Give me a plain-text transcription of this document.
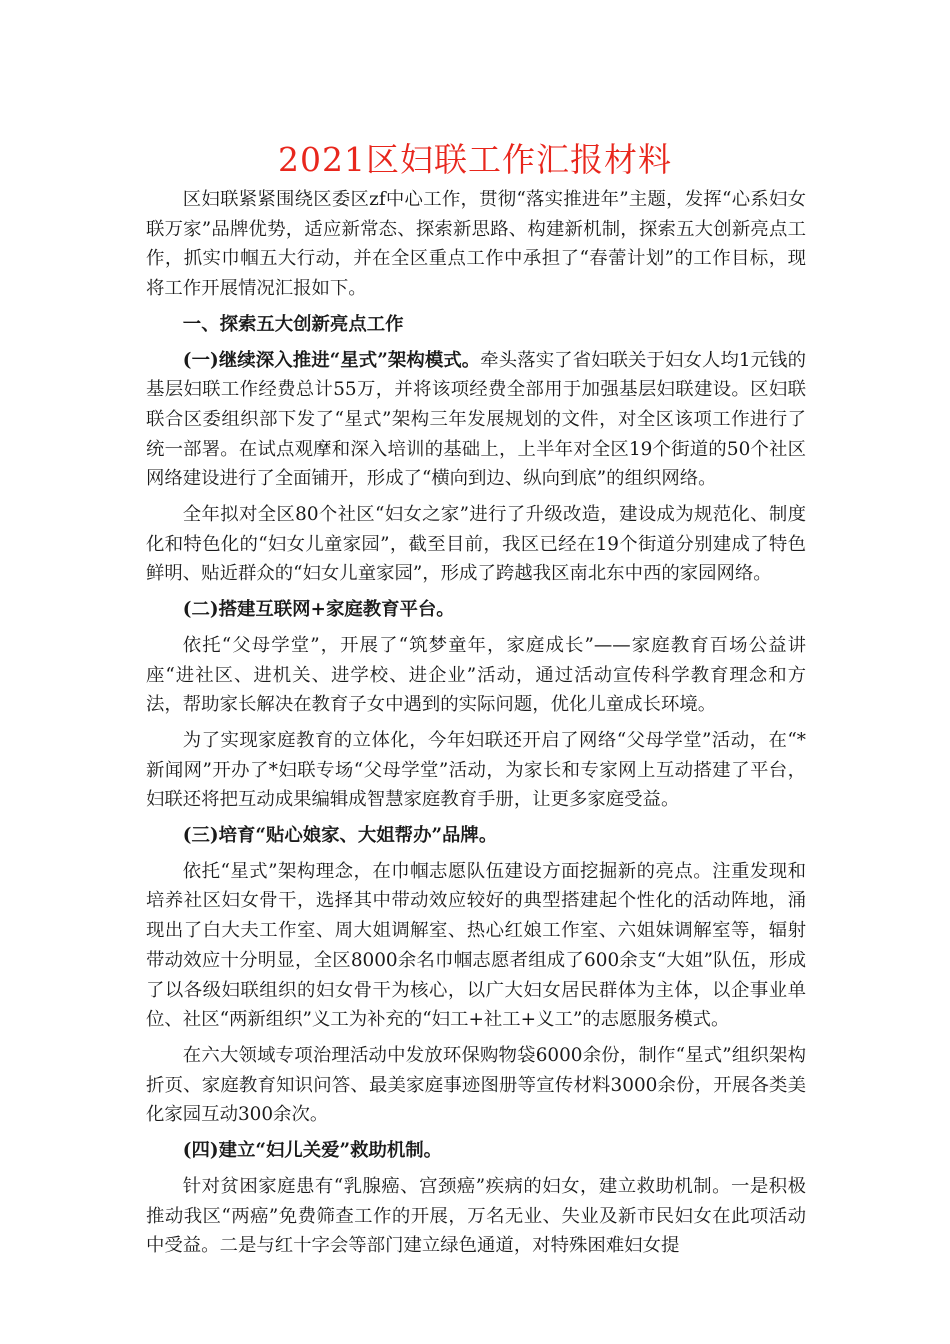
2021区妇联工作汇报材料

区妇联紧紧围绕区委区zf中心工作，贯彻“落实推进年”主题，发挥“心系妇女联万家”品牌优势，适应新常态、探索新思路、构建新机制，探索五大创新亮点工作，抓实巾帼五大行动，并在全区重点工作中承担了“春蕾计划”的工作目标，现将工作开展情况汇报如下。

一、探索五大创新亮点工作

(一)继续深入推进“星式”架构模式。牵头落实了省妇联关于妇女人均1元钱的基层妇联工作经费总计55万，并将该项经费全部用于加强基层妇联建设。区妇联联合区委组织部下发了“星式”架构三年发展规划的文件，对全区该项工作进行了统一部署。在试点观摩和深入培训的基础上，上半年对全区19个街道的50个社区网络建设进行了全面铺开，形成了“横向到边、纵向到底”的组织网络。

全年拟对全区80个社区“妇女之家”进行了升级改造，建设成为规范化、制度化和特色化的“妇女儿童家园”，截至目前，我区已经在19个街道分别建成了特色鲜明、贴近群众的“妇女儿童家园”，形成了跨越我区南北东中西的家园网络。

(二)搭建互联网+家庭教育平台。

依托“父母学堂”，开展了“筑梦童年，家庭成长”——家庭教育百场公益讲座“进社区、进机关、进学校、进企业”活动，通过活动宣传科学教育理念和方法，帮助家长解决在教育子女中遇到的实际问题，优化儿童成长环境。

为了实现家庭教育的立体化，今年妇联还开启了网络“父母学堂”活动，在“*新闻网”开办了*妇联专场“父母学堂”活动，为家长和专家网上互动搭建了平台，妇联还将把互动成果编辑成智慧家庭教育手册，让更多家庭受益。

(三)培育“贴心娘家、大姐帮办”品牌。

依托“星式”架构理念，在巾帼志愿队伍建设方面挖掘新的亮点。注重发现和培养社区妇女骨干，选择其中带动效应较好的典型搭建起个性化的活动阵地，涌现出了白大夫工作室、周大姐调解室、热心红娘工作室、六姐妹调解室等，辐射带动效应十分明显，全区8000余名巾帼志愿者组成了600余支“大姐”队伍，形成了以各级妇联组织的妇女骨干为核心，以广大妇女居民群体为主体，以企事业单位、社区“两新组织”义工为补充的“妇工+社工+义工”的志愿服务模式。

在六大领域专项治理活动中发放环保购物袋6000余份，制作“星式”组织架构折页、家庭教育知识问答、最美家庭事迹图册等宣传材料3000余份，开展各类美化家园互动300余次。

(四)建立“妇儿关爱”救助机制。

针对贫困家庭患有“乳腺癌、宫颈癌”疾病的妇女，建立救助机制。一是积极推动我区“两癌”免费筛查工作的开展，万名无业、失业及新市民妇女在此项活动中受益。二是与红十字会等部门建立绿色通道，对特殊困难妇女提
